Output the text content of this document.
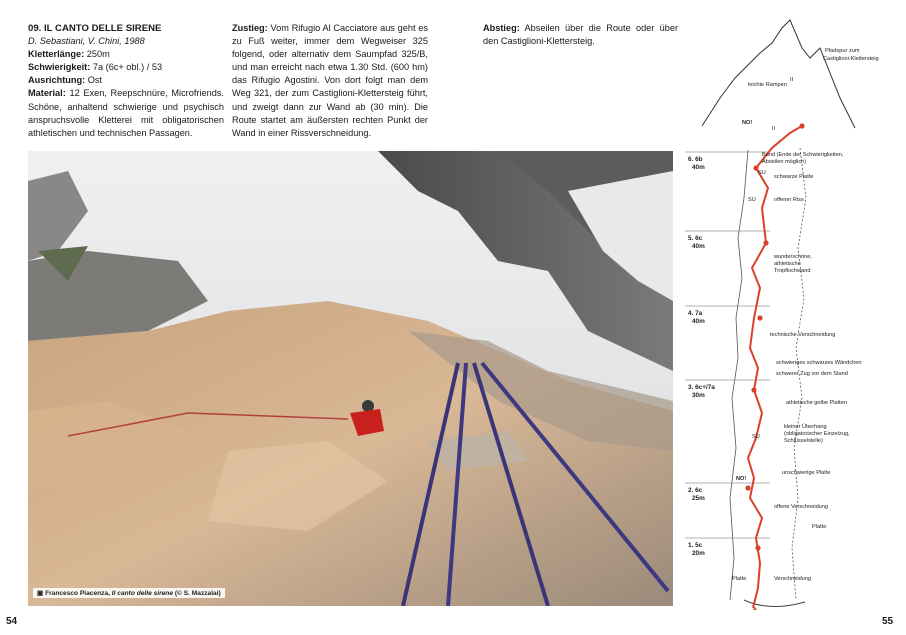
09. IL CANTO DELLE SIRENE
D. Sebastiani, V. Chini, 1988
Kletterlänge: 250m
Schwierigkeit: 7a (6c+ obl.) / 53
Ausrichtung: Ost
Material: 12 Exen, Reepschnüre, Microfriends. Schöne, anhaltend schwierige und psychisch anspruchsvolle Kletterei mit obligatorischen athletischen und technischen Passagen.
Zustieg: Vom Rifugio Al Cacciatore aus geht es zu Fuß weiter, immer dem Wegweiser 325 folgend, oder alternativ dem Saumpfad 325/B, und man erreicht nach etwa 1.30 Std. (600 hm) das Rifugio Agostini. Von dort folgt man dem Weg 321, der zum Castiglioni-Klettersteig führt, und zweigt dann zur Wand ab (30 min). Die Route startet am äußersten rechten Punkt der Wand in einer Rissverschneidung.
Abstieg: Abseilen über die Route oder über den Castiglioni-Klettersteig.
▣ Francesco Piacenza, Il canto delle sirene (© S. Mazzalai)
54	55
▲
6. 6b
40m
5. 6c
40m
4. 7a
40m
3. 6c+/7a
30m
2. 6c
25m
1. 5c
20m
Pfadspur zum
Castiglioni-Klettersteig
II
leichte Rampen
II
NO!
Band (Ende der Schwierigkeiten,
Abseilen möglich)
SU
schwarze Platte
SU	offener Riss
wunderschöne,
athletische
Tropflochwand
technische Verschneidung
schwieriges schwarzes Wändchen
schwerer Zug vor dem Stand
athletische gelbe Platten
kleiner Überhang
(obligatorischer Einzelzug,
Schlüsselstelle)
SU
unschwierige Platte
NO!
offene Verschneidung
Platte
Platte	Verschneidung
